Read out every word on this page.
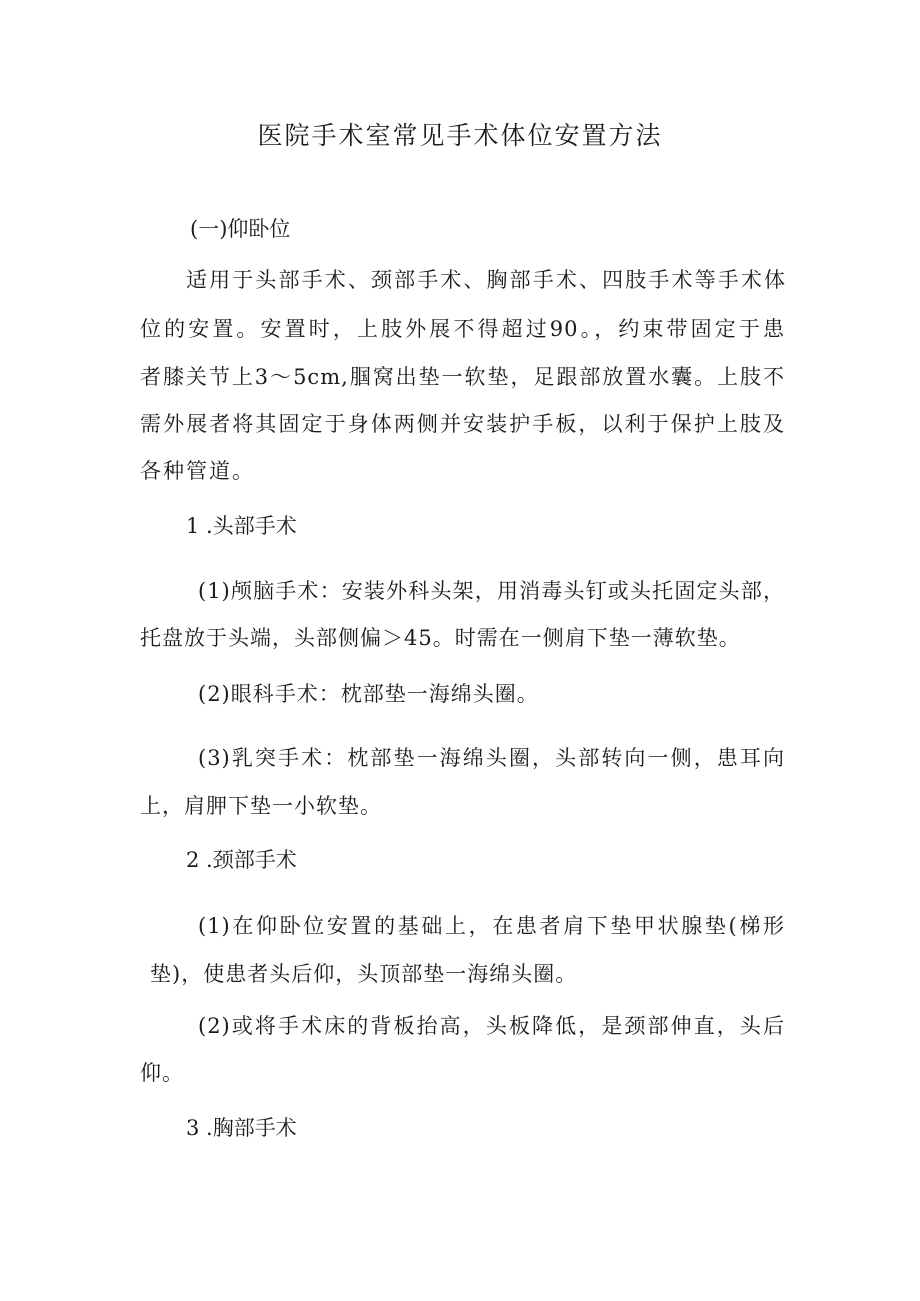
医院手术室常见手术体位安置方法

(一)仰卧位

适用于头部手术、颈部手术、胸部手术、四肢手术等手术体

位的安置。安置时，上肢外展不得超过90。，约束带固定于患

者膝关节上3～5cm,腘窝出垫一软垫，足跟部放置水囊。上肢不

需外展者将其固定于身体两侧并安装护手板，以利于保护上肢及

各种管道。

1 .头部手术

(1)颅脑手术：安装外科头架，用消毒头钉或头托固定头部，

托盘放于头端，头部侧偏＞45。时需在一侧肩下垫一薄软垫。

(2)眼科手术：枕部垫一海绵头圈。

(3)乳突手术：枕部垫一海绵头圈，头部转向一侧，患耳向

上，肩胛下垫一小软垫。

2 .颈部手术

(1)在仰卧位安置的基础上，在患者肩下垫甲状腺垫(梯形

垫)，使患者头后仰，头顶部垫一海绵头圈。

(2)或将手术床的背板抬高，头板降低，是颈部伸直，头后

仰。

3 .胸部手术
